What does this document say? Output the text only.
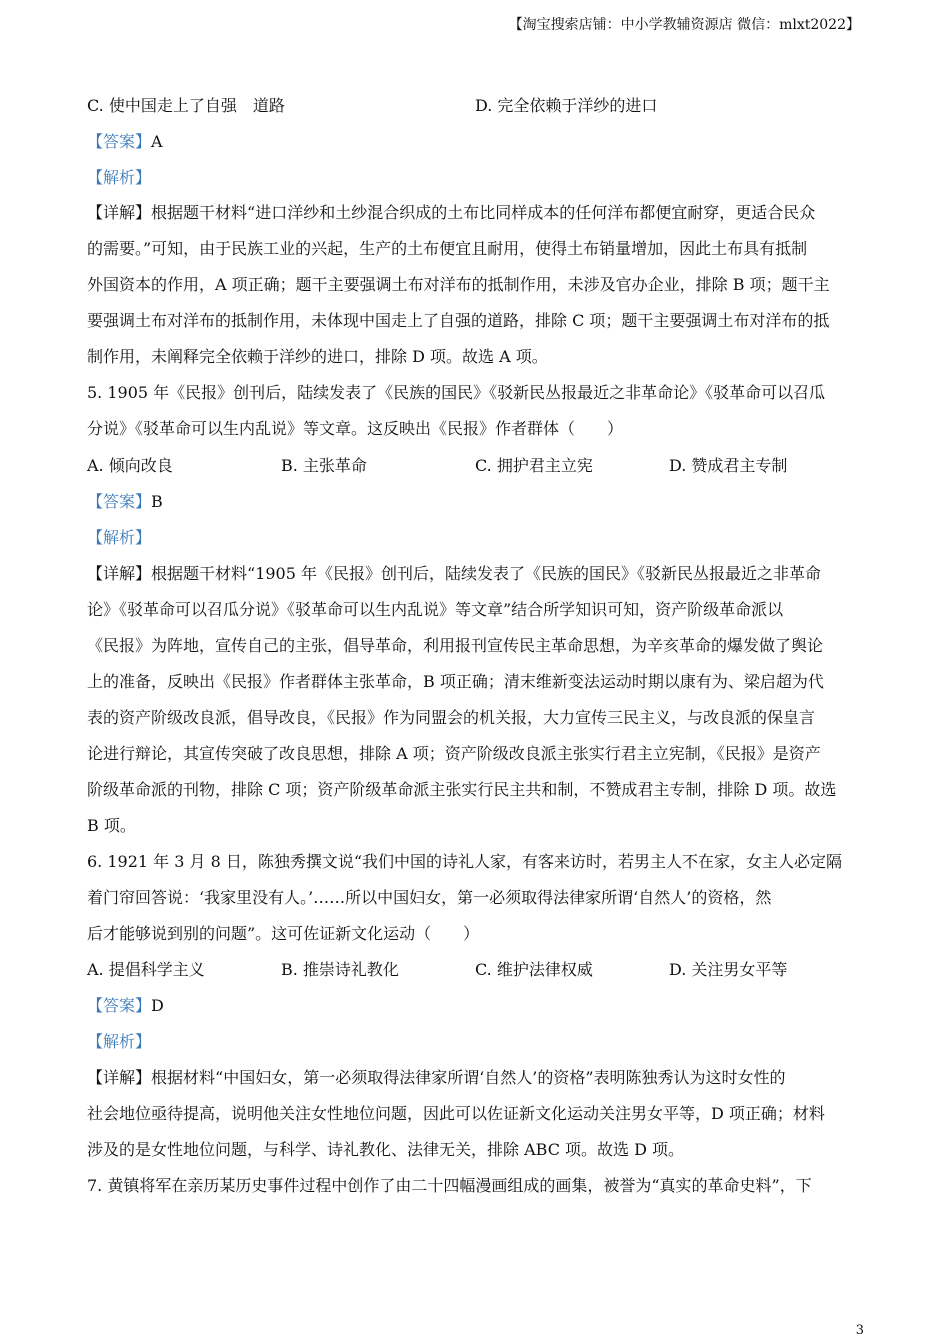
【淘宝搜索店铺：中小学教辅资源店 微信：mlxt2022】
C. 使中国走上了自强　道路	D. 完全依赖于洋纱的进口
【答案】A
【解析】
【详解】根据题干材料“进口洋纱和土纱混合织成的土布比同样成本的任何洋布都便宜耐穿，更适合民众
的需要。”可知，由于民族工业的兴起，生产的土布便宜且耐用，使得土布销量增加，因此土布具有抵制
外国资本的作用，A 项正确；题干主要强调土布对洋布的抵制作用，未涉及官办企业，排除 B 项；题干主
要强调土布对洋布的抵制作用，未体现中国走上了自强的道路，排除 C 项；题干主要强调土布对洋布的抵
制作用，未阐释完全依赖于洋纱的进口，排除 D 项。故选 A 项。
5. 1905 年《民报》创刊后，陆续发表了《民族的国民》《驳新民丛报最近之非革命论》《驳革命可以召瓜
分说》《驳革命可以生内乱说》等文章。这反映出《民报》作者群体（　　）
A. 倾向改良	B. 主张革命	C. 拥护君主立宪	D. 赞成君主专制
【答案】B
【解析】
【详解】根据题干材料“1905 年《民报》创刊后，陆续发表了《民族的国民》《驳新民丛报最近之非革命
论》《驳革命可以召瓜分说》《驳革命可以生内乱说》等文章”结合所学知识可知，资产阶级革命派以
《民报》为阵地，宣传自己的主张，倡导革命，利用报刊宣传民主革命思想，为辛亥革命的爆发做了舆论
上的准备，反映出《民报》作者群体主张革命，B 项正确；清末维新变法运动时期以康有为、梁启超为代
表的资产阶级改良派，倡导改良，《民报》作为同盟会的机关报，大力宣传三民主义，与改良派的保皇言
论进行辩论，其宣传突破了改良思想，排除 A 项；资产阶级改良派主张实行君主立宪制，《民报》是资产
阶级革命派的刊物，排除 C 项；资产阶级革命派主张实行民主共和制，不赞成君主专制，排除 D 项。故选
B 项。
6. 1921 年 3 月 8 日，陈独秀撰文说“我们中国的诗礼人家，有客来访时，若男主人不在家，女主人必定隔
着门帘回答说：‘我家里没有人。’……所以中国妇女，第一必须取得法律家所谓‘自然人’的资格，然
后才能够说到别的问题”。这可佐证新文化运动（　　）
A. 提倡科学主义	B. 推崇诗礼教化	C. 维护法律权威	D. 关注男女平等
【答案】D
【解析】
【详解】根据材料“中国妇女，第一必须取得法律家所谓‘自然人’的资格”表明陈独秀认为这时女性的
社会地位亟待提高，说明他关注女性地位问题，因此可以佐证新文化运动关注男女平等，D 项正确；材料
涉及的是女性地位问题，与科学、诗礼教化、法律无关，排除 ABC 项。故选 D 项。
7. 黄镇将军在亲历某历史事件过程中创作了由二十四幅漫画组成的画集，被誉为“真实的革命史料”，下
3
